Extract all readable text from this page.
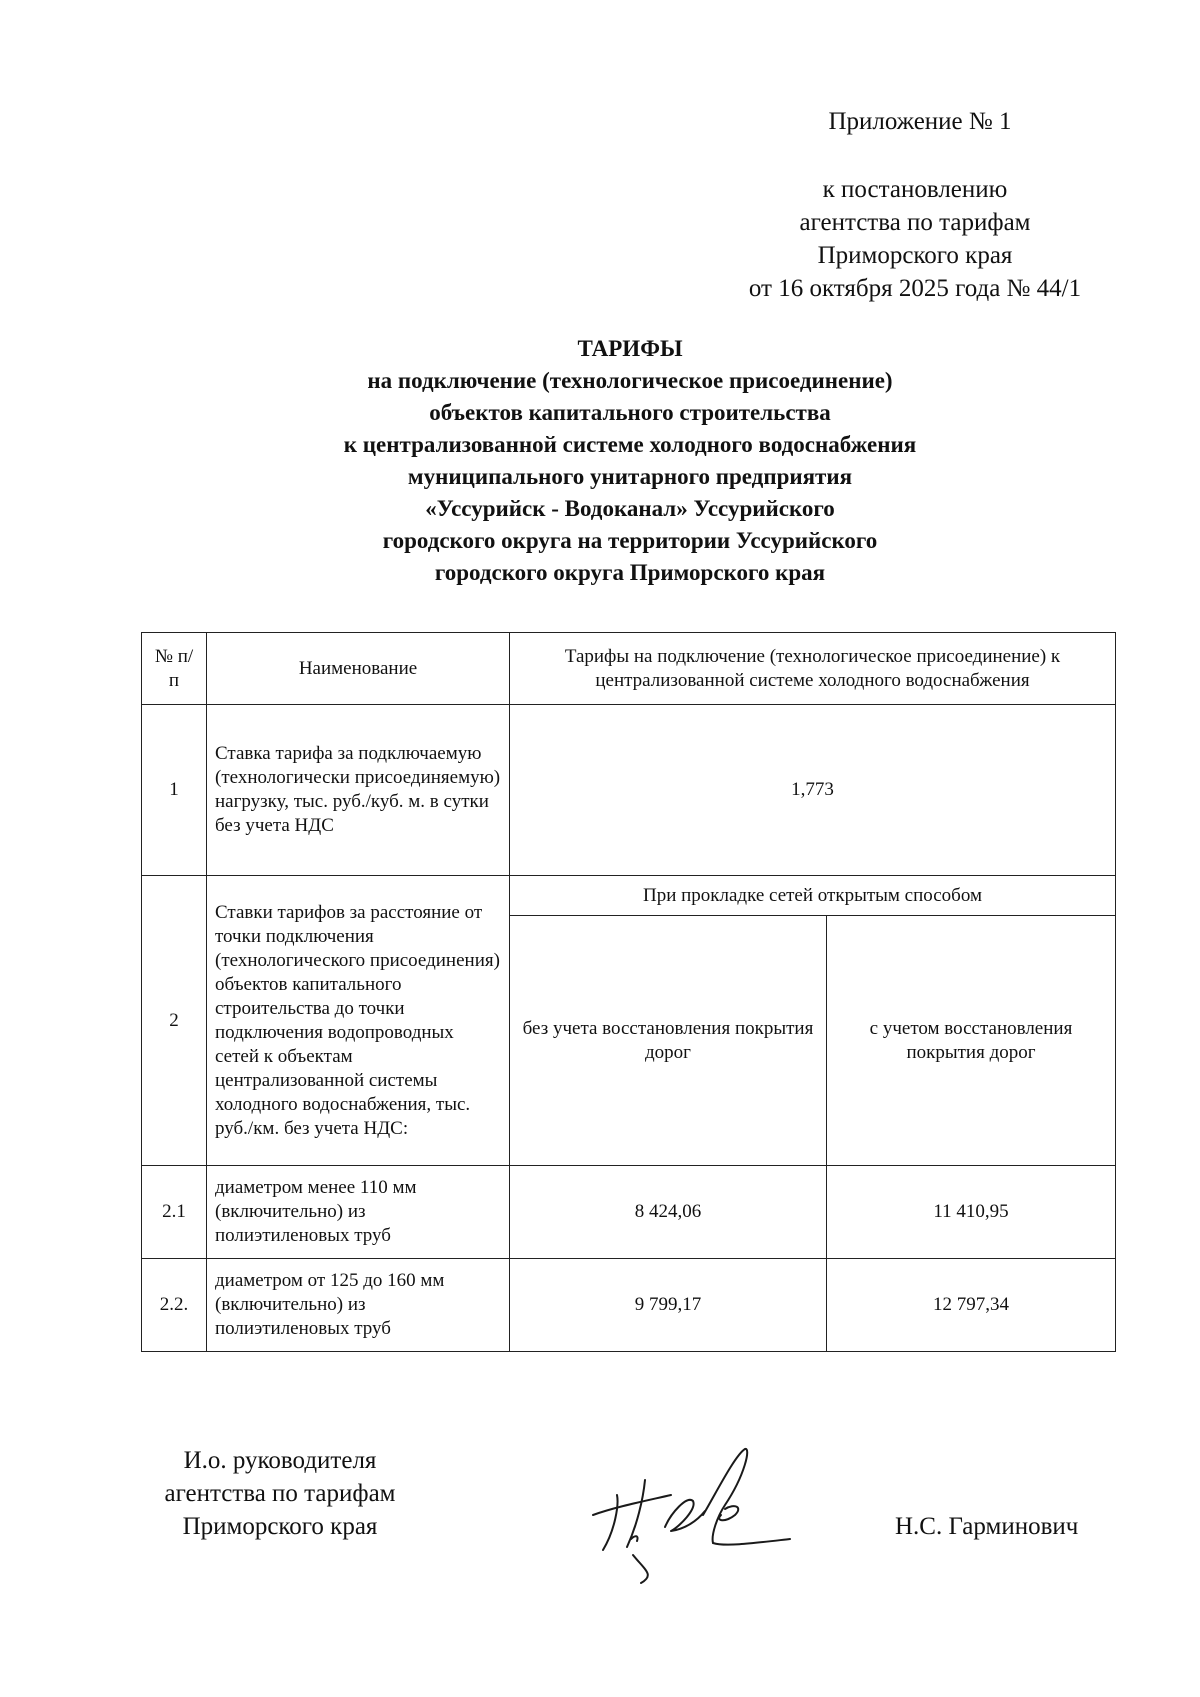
Приложение № 1
к постановлению
агентства по тарифам
Приморского края
от 16 октября 2025 года № 44/1
ТАРИФЫ
на подключение (технологическое присоединение)
объектов капитального строительства
к централизованной системе холодного водоснабжения
муниципального унитарного предприятия
«Уссурийск - Водоканал» Уссурийского
городского округа на территории Уссурийского
городского округа Приморского края
№ п/п	Наименование	Тарифы на подключение (технологическое присоединение) к централизованной системе холодного водоснабжения	
1	Ставка тарифа за подключаемую (технологически присоединяемую) нагрузку, тыс. руб./куб. м. в сутки без учета НДС	1,773	
2	Ставки тарифов за расстояние от точки подключения (технологического присоединения) объектов капитального строительства до точки подключения водопроводных сетей к объектам централизованной системы холодного водоснабжения, тыс. руб./км. без учета НДС:	При прокладке сетей открытым способом	
		без учета восстановления покрытия дорог	с учетом восстановления покрытия дорог
2.1	диаметром менее 110 мм (включительно) из полиэтиленовых труб	8 424,06	11 410,95
2.2.	диаметром от 125 до 160 мм (включительно) из полиэтиленовых труб	9 799,17	12 797,34
И.о. руководителя
агентства по тарифам
Приморского края	Н.С. Гарминович
